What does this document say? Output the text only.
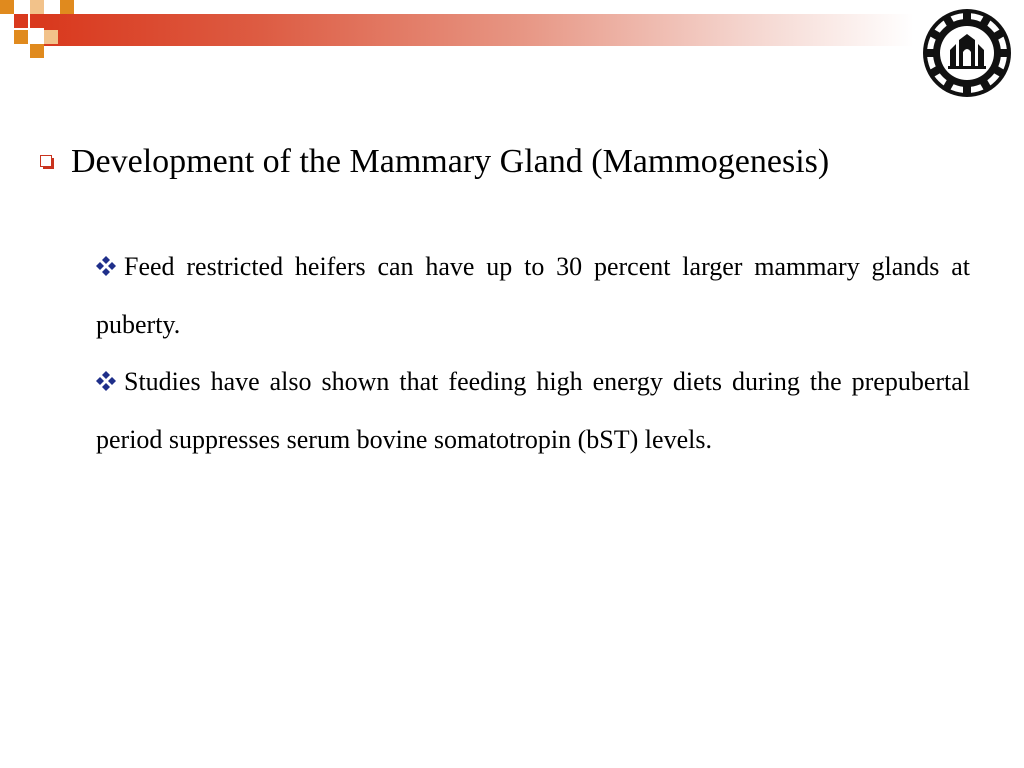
Development of the Mammary Gland (Mammogenesis)

Feed restricted heifers can have up to 30 percent larger mammary glands at puberty.

Studies have also shown that feeding high energy diets during the prepubertal period suppresses serum bovine somatotropin (bST) levels.
